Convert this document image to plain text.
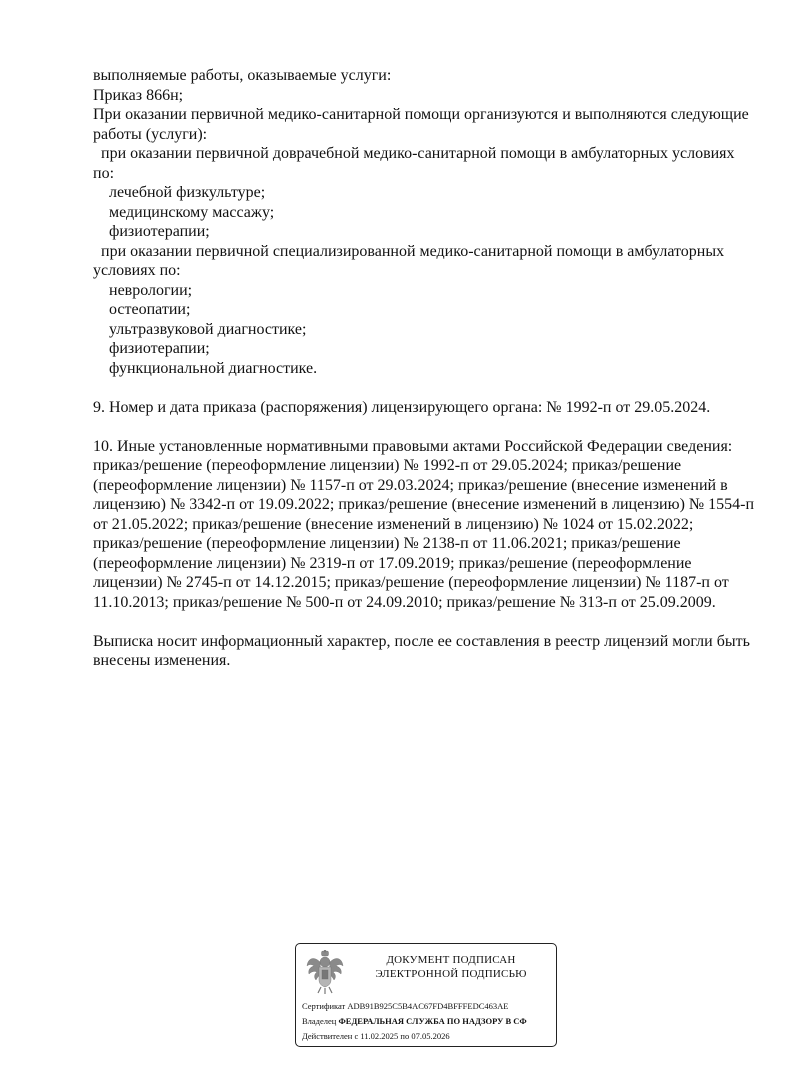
выполняемые работы, оказываемые услуги:

Приказ 866н;

При оказании первичной медико-санитарной помощи организуются и выполняются следующие

работы (услуги):

при оказании первичной доврачебной медико-санитарной помощи в амбулаторных условиях

по:

лечебной физкультуре;

медицинскому массажу;

физиотерапии;

при оказании первичной специализированной медико-санитарной помощи в амбулаторных

условиях по:

неврологии;

остеопатии;

ультразвуковой диагностике;

физиотерапии;

функциональной диагностике.

9. Номер и дата приказа (распоряжения) лицензирующего органа: № 1992-п от 29.05.2024.

10. Иные установленные нормативными правовыми актами Российской Федерации сведения:

приказ/решение (переоформление лицензии) № 1992-п от 29.05.2024; приказ/решение

(переоформление лицензии) № 1157-п от 29.03.2024; приказ/решение (внесение изменений в

лицензию) № 3342-п от 19.09.2022; приказ/решение (внесение изменений в лицензию) № 1554-п

от 21.05.2022; приказ/решение (внесение изменений в лицензию) № 1024 от 15.02.2022;

приказ/решение (переоформление лицензии) № 2138-п от 11.06.2021; приказ/решение

(переоформление лицензии) № 2319-п от 17.09.2019; приказ/решение (переоформление

лицензии) № 2745-п от 14.12.2015; приказ/решение (переоформление лицензии) № 1187-п от

11.10.2013; приказ/решение № 500-п от 24.09.2010; приказ/решение № 313-п от 25.09.2009.

Выписка носит информационный характер, после ее составления в реестр лицензий могли быть

внесены изменения.

ДОКУМЕНТ ПОДПИСАН
ЭЛЕКТРОННОЙ ПОДПИСЬЮ
Сертификат ADB91B925C5B4AC67FD4BFFFEDC463AE
Владелец ФЕДЕРАЛЬНАЯ СЛУЖБА ПО НАДЗОРУ В СФ
Действителен с 11.02.2025 по 07.05.2026
